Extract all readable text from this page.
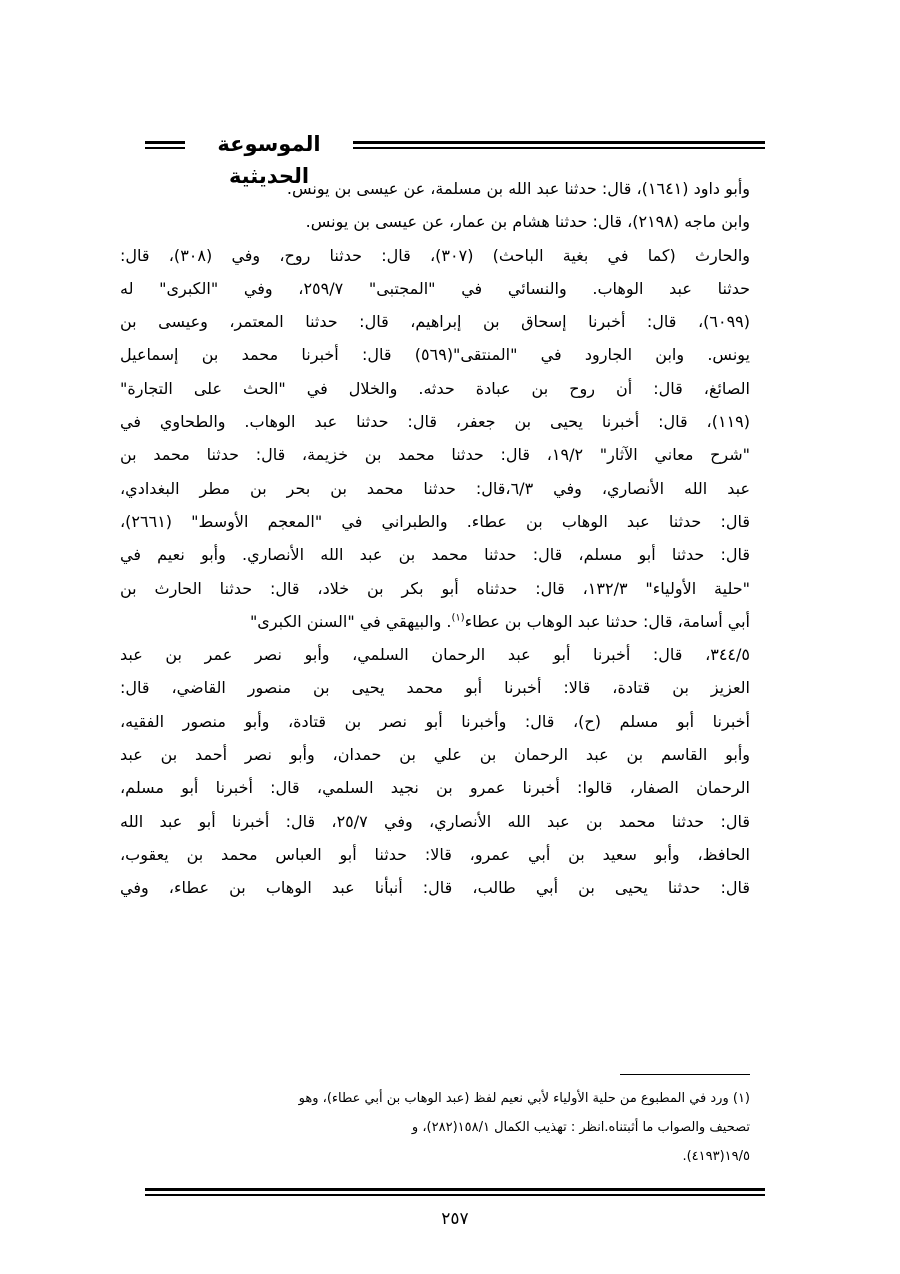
الموسوعة الحديثية
وأبو داود (١٦٤١)، قال: حدثنا عبد الله بن مسلمة، عن عيسى بن يونس.
وابن ماجه (٢١٩٨)، قال: حدثنا هشام بن عمار، عن عيسى بن يونس.
والحارث (كما في بغية الباحث) (٣٠٧)، قال: حدثنا روح، وفي (٣٠٨)، قال:
حدثنا عبد الوهاب. والنسائي في "المجتبى" ٢٥٩/٧، وفي "الكبرى" له
(٦٠٩٩)، قال: أخبرنا إسحاق بن إبراهيم، قال: حدثنا المعتمر، وعيسى بن
يونس. وابن الجارود في "المنتقى"(٥٦٩) قال: أخبرنا محمد بن إسماعيل
الصائغ، قال: أن روح بن عبادة حدثه. والخلال في "الحث على التجارة"
(١١٩)، قال: أخبرنا يحيى بن جعفر، قال: حدثنا عبد الوهاب. والطحاوي في
"شرح معاني الآثار" ١٩/٢، قال: حدثنا محمد بن خزيمة، قال: حدثنا محمد بن
عبد الله الأنصاري، وفي ٦/٣،قال: حدثنا محمد بن بحر بن مطر البغدادي،
قال: حدثنا عبد الوهاب بن عطاء. والطبراني في "المعجم الأوسط" (٢٦٦١)،
قال: حدثنا أبو مسلم، قال: حدثنا محمد بن عبد الله الأنصاري. وأبو نعيم في
"حلية الأولياء" ١٣٢/٣، قال: حدثناه أبو بكر بن خلاد، قال: حدثنا الحارث بن
أبي أسامة، قال: حدثنا عبد الوهاب بن عطاء$^{(١)}$. والبيهقي في "السنن الكبرى"
٣٤٤/٥، قال: أخبرنا أبو عبد الرحمان السلمي، وأبو نصر عمر بن عبد
العزيز بن قتادة، قالا: أخبرنا أبو محمد يحيى بن منصور القاضي، قال:
أخبرنا أبو مسلم (ح)، قال: وأخبرنا أبو نصر بن قتادة، وأبو منصور الفقيه،
وأبو القاسم بن عبد الرحمان بن علي بن حمدان، وأبو نصر أحمد بن عبد
الرحمان الصفار، قالوا: أخبرنا عمرو بن نجيد السلمي، قال: أخبرنا أبو مسلم،
قال: حدثنا محمد بن عبد الله الأنصاري، وفي ٢٥/٧، قال: أخبرنا أبو عبد الله
الحافظ، وأبو سعيد بن أبي عمرو، قالا: حدثنا أبو العباس محمد بن يعقوب،
قال: حدثنا يحيى بن أبي طالب، قال: أنبأنا عبد الوهاب بن عطاء، وفي
(١) ورد في المطبوع من حلية الأولياء لأبي نعيم لفظ (عبد الوهاب بن أبي عطاء)، وهو
تصحيف والصواب ما أثبتناه.انظر : تهذيب الكمال ١٥٨/١(٢٨٢)، و
١٩/٥(٤١٩٣).
٢٥٧
